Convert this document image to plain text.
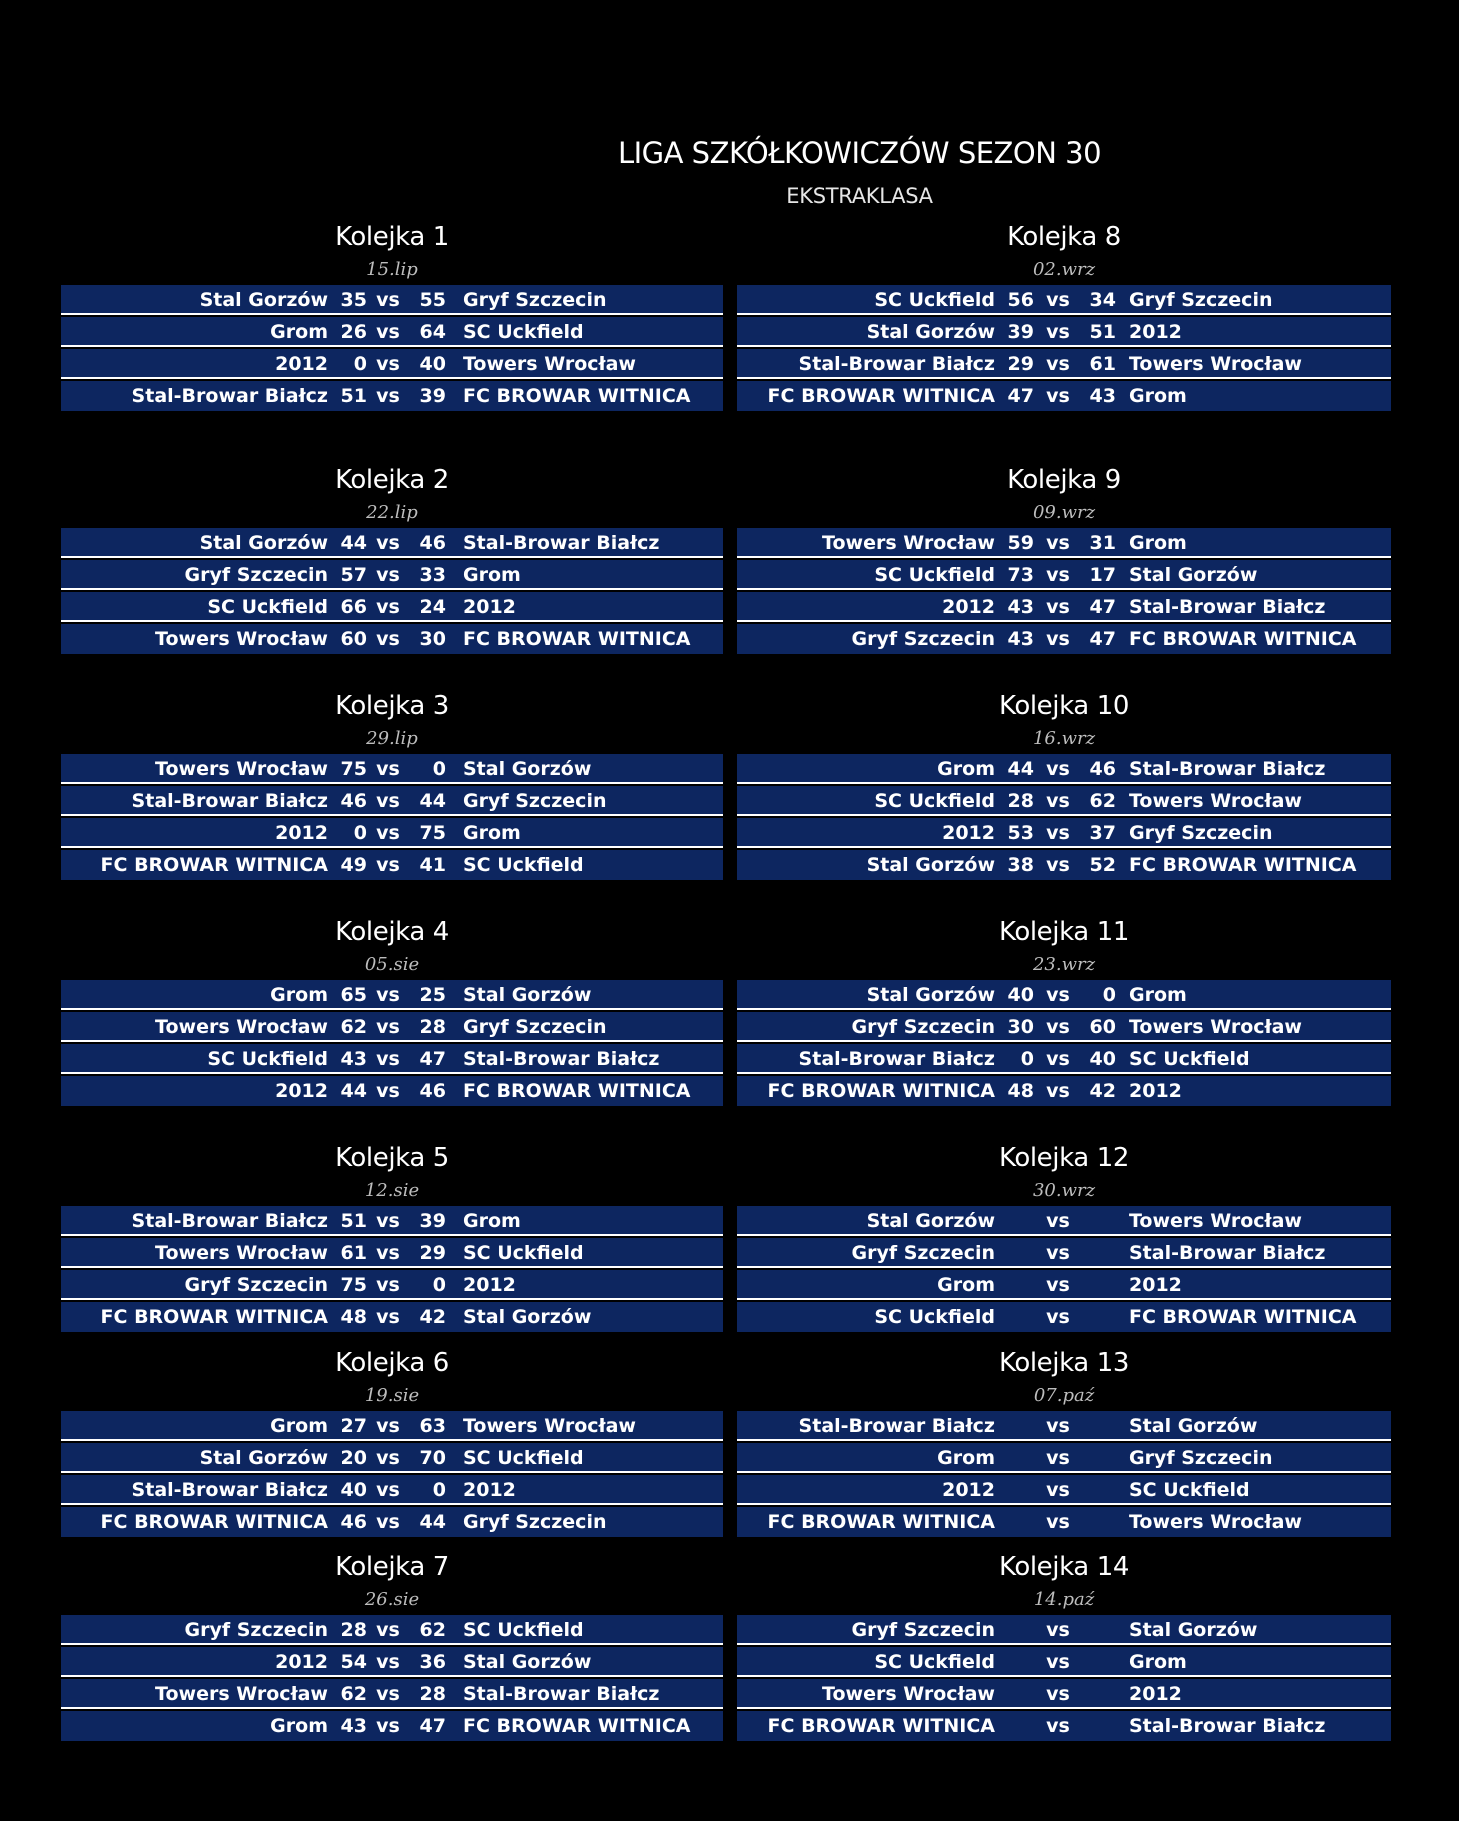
LIGA SZKÓŁKOWICZÓW SEZON 30
EKSTRAKLASA
Kolejka 1
15.lip
Stal Gorzów 35 vs	55 Gryf Szczecin
Grom 26 vs	64 SC Uckfield
2012	0 vs	40 Towers Wrocław
Stal-Browar Białcz 51 vs	39 FC BROWAR WITNICA
Kolejka 2
22.lip
Stal Gorzów 44 vs	46 Stal-Browar Białcz
Gryf Szczecin 57 vs	33 Grom
SC Uckfield 66 vs	24 2012
Towers Wrocław 60 vs	30 FC BROWAR WITNICA
Kolejka 3
29.lip
Towers Wrocław 75 vs	0 Stal Gorzów
Stal-Browar Białcz 46 vs	44 Gryf Szczecin
2012	0 vs	75 Grom
FC BROWAR WITNICA 49 vs	41 SC Uckfield
Kolejka 4
05.sie
Grom 65 vs	25 Stal Gorzów
Towers Wrocław 62 vs	28 Gryf Szczecin
SC Uckfield 43 vs	47 Stal-Browar Białcz
2012 44 vs	46 FC BROWAR WITNICA
Kolejka 5
12.sie
Stal-Browar Białcz 51 vs	39 Grom
Towers Wrocław 61 vs	29 SC Uckfield
Gryf Szczecin 75 vs	0 2012
FC BROWAR WITNICA 48 vs	42 Stal Gorzów
Kolejka 6
19.sie
Grom 27 vs	63 Towers Wrocław
Stal Gorzów 20 vs	70 SC Uckfield
Stal-Browar Białcz 40 vs	0 2012
FC BROWAR WITNICA 46 vs	44 Gryf Szczecin
Kolejka 7
26.sie
Gryf Szczecin 28 vs	62 SC Uckfield
2012 54 vs	36 Stal Gorzów
Towers Wrocław 62 vs	28 Stal-Browar Białcz
Grom 43 vs	47 FC BROWAR WITNICA
Kolejka 8
02.wrz
SC Uckfield 56 vs	34 Gryf Szczecin
Stal Gorzów 39 vs	51 2012
Stal-Browar Białcz 29 vs	61 Towers Wrocław
FC BROWAR WITNICA 47 vs	43 Grom
Kolejka 9
09.wrz
Towers Wrocław 59 vs	31 Grom
SC Uckfield 73 vs	17 Stal Gorzów
2012 43 vs	47 Stal-Browar Białcz
Gryf Szczecin 43 vs	47 FC BROWAR WITNICA
Kolejka 10
16.wrz
Grom 44 vs	46 Stal-Browar Białcz
SC Uckfield 28 vs	62 Towers Wrocław
2012 53 vs	37 Gryf Szczecin
Stal Gorzów 38 vs	52 FC BROWAR WITNICA
Kolejka 11
23.wrz
Stal Gorzów 40 vs	0 Grom
Gryf Szczecin 30 vs	60 Towers Wrocław
Stal-Browar Białcz	0 vs	40 SC Uckfield
FC BROWAR WITNICA 48 vs	42 2012
Kolejka 12
30.wrz
Stal Gorzów	vs	Towers Wrocław
Gryf Szczecin	vs	Stal-Browar Białcz
Grom	vs	2012
SC Uckfield	vs	FC BROWAR WITNICA
Kolejka 13
07.paź
Stal-Browar Białcz	vs	Stal Gorzów
Grom	vs	Gryf Szczecin
2012	vs	SC Uckfield
FC BROWAR WITNICA	vs	Towers Wrocław
Kolejka 14
14.paź
Gryf Szczecin	vs	Stal Gorzów
SC Uckfield	vs	Grom
Towers Wrocław	vs	2012
FC BROWAR WITNICA	vs	Stal-Browar Białcz
